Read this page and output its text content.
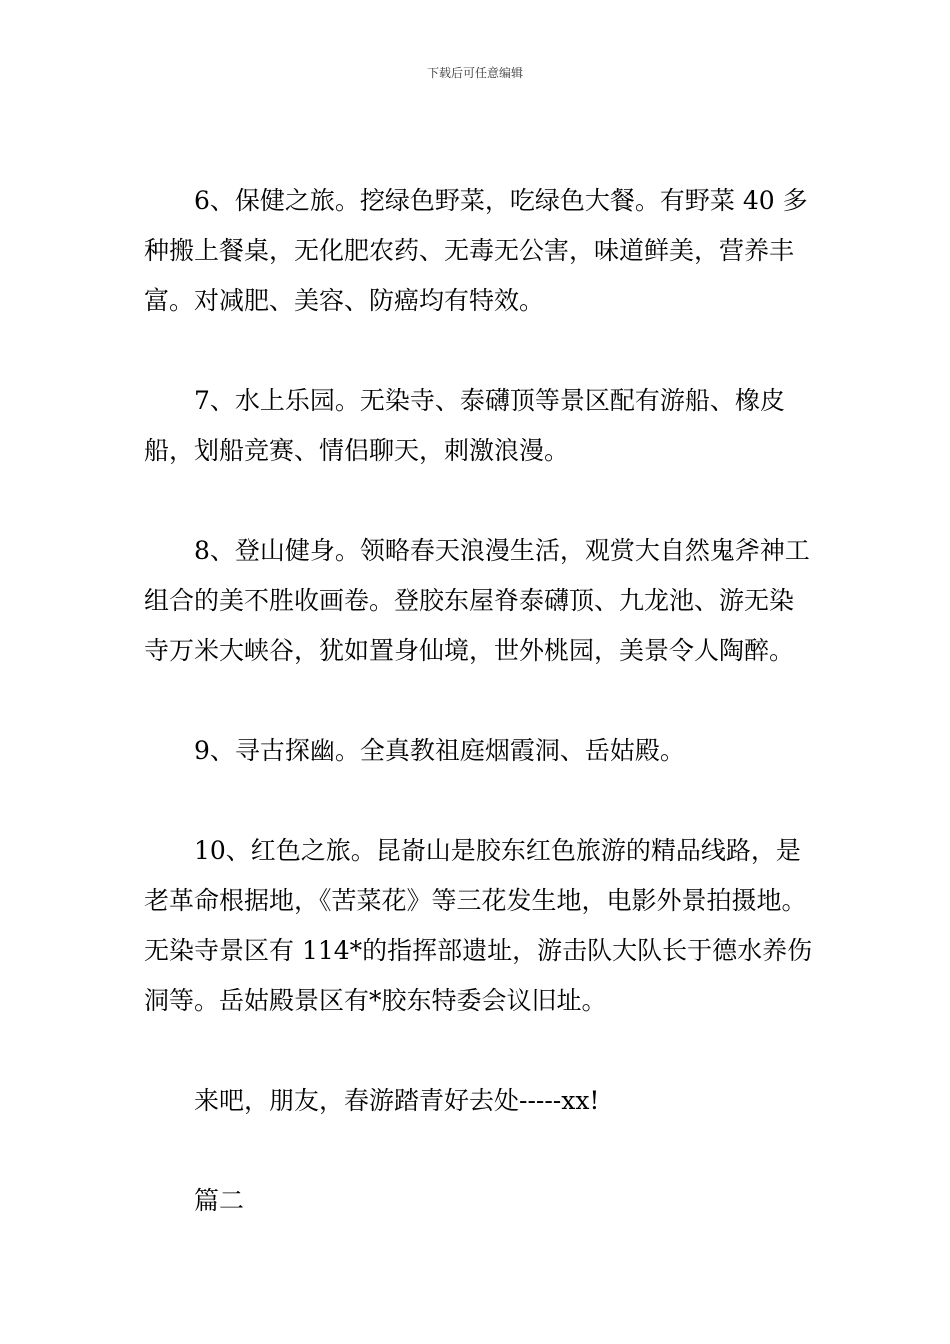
下载后可任意编辑

6、保健之旅。挖绿色野菜，吃绿色大餐。有野菜 40 多种搬上餐桌，无化肥农药、无毒无公害，味道鲜美，营养丰富。对减肥、美容、防癌均有特效。

7、水上乐园。无染寺、泰礴顶等景区配有游船、橡皮船，划船竞赛、情侣聊天，刺激浪漫。

8、登山健身。领略春天浪漫生活，观赏大自然鬼斧神工组合的美不胜收画卷。登胶东屋脊泰礴顶、九龙池、游无染寺万米大峡谷，犹如置身仙境，世外桃园，美景令人陶醉。

9、寻古探幽。全真教祖庭烟霞洞、岳姑殿。

10、红色之旅。昆嵛山是胶东红色旅游的精品线路，是老革命根据地，《苦菜花》等三花发生地，电影外景拍摄地。无染寺景区有 114*的指挥部遗址，游击队大队长于德水养伤洞等。岳姑殿景区有*胶东特委会议旧址。

来吧，朋友，春游踏青好去处-----xx!

篇二
